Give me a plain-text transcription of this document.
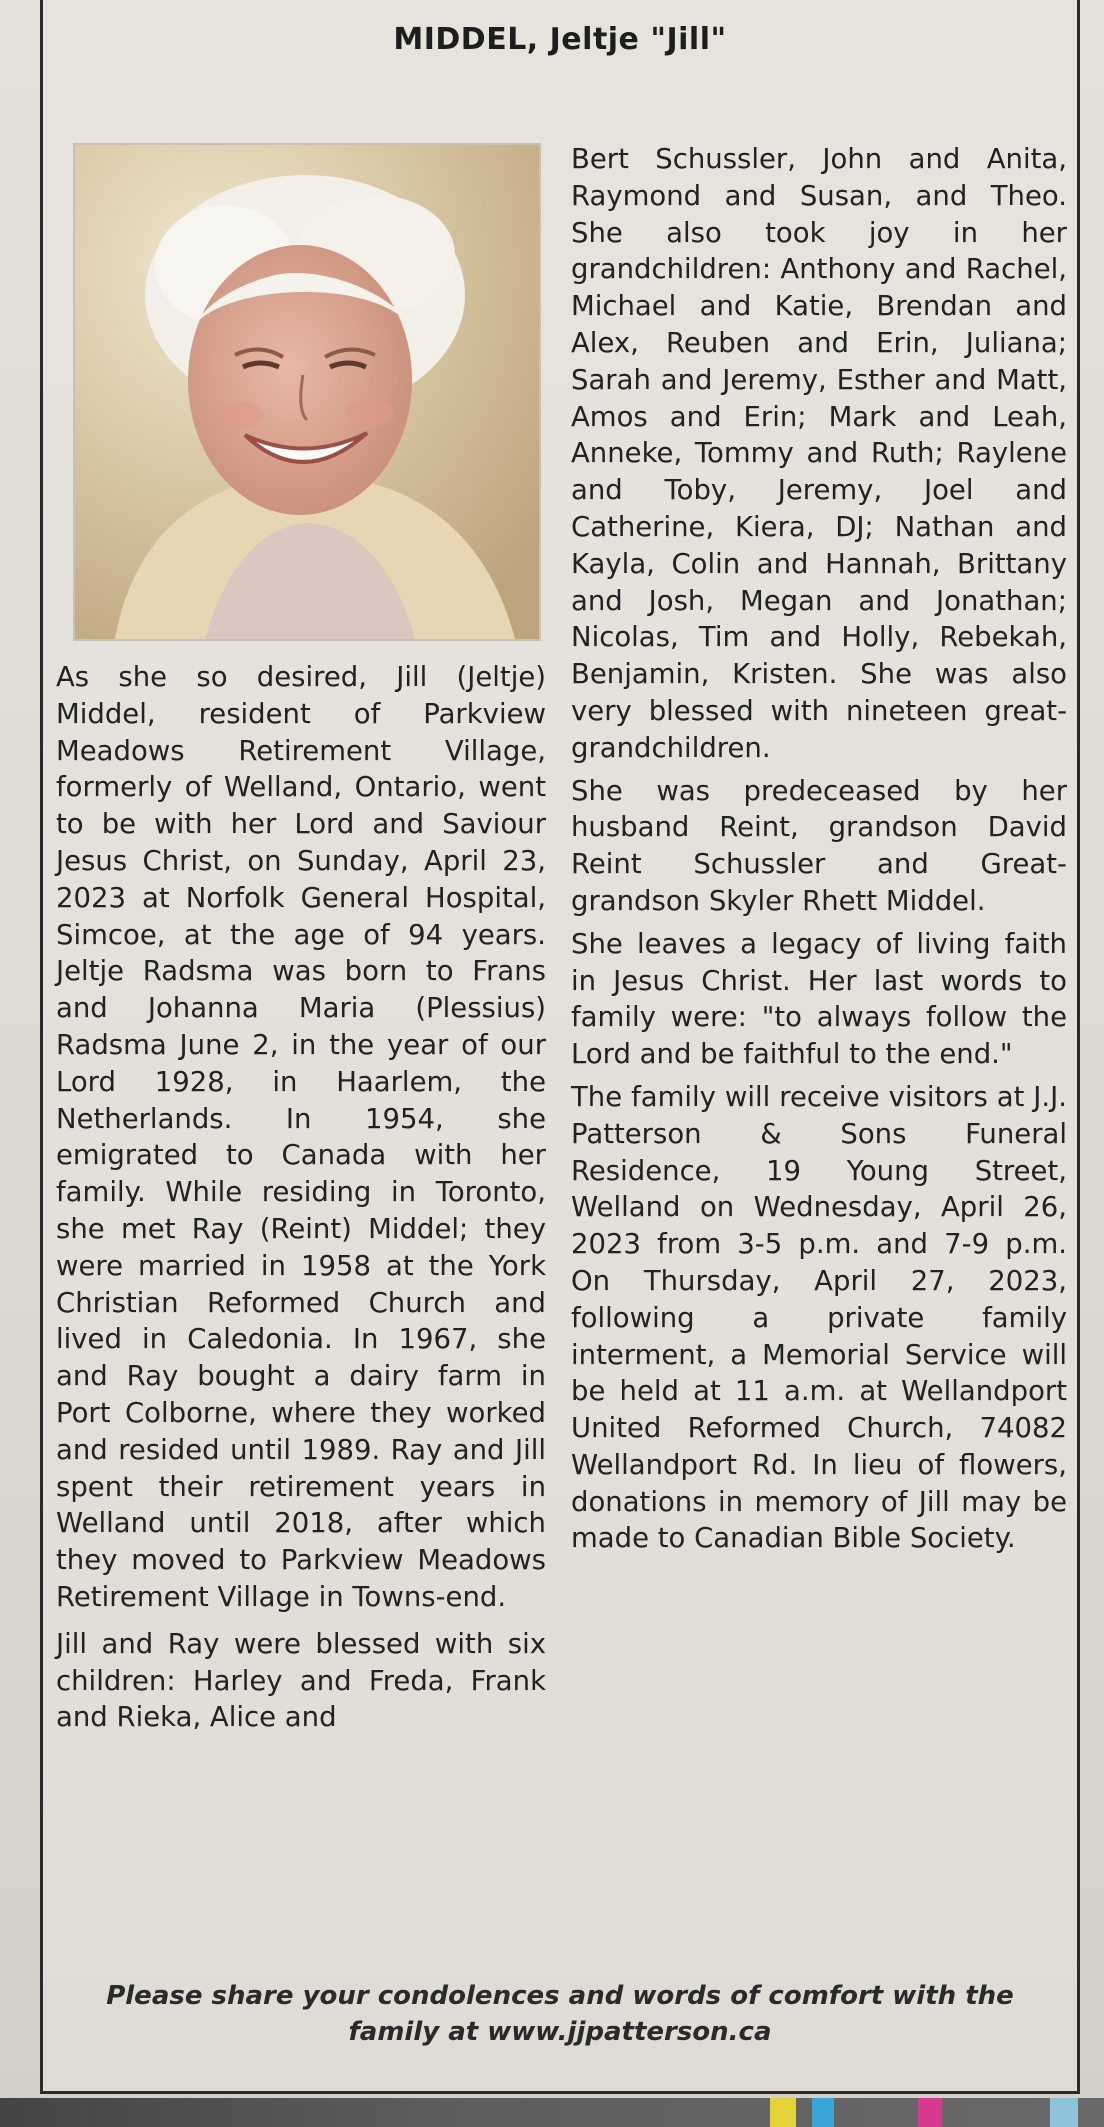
MIDDEL, Jeltje "Jill"

As she so desired, Jill (Jeltje) Middel, resident of Parkview Meadows Retirement Village, formerly of Welland, Ontario, went to be with her Lord and Saviour Jesus Christ, on Sunday, April 23, 2023 at Norfolk General Hospital, Simcoe, at the age of 94 years. Jeltje Radsma was born to Frans and Johanna Maria (Plessius) Radsma June 2, in the year of our Lord 1928, in Haarlem, the Netherlands. In 1954, she emigrated to Canada with her family. While residing in Toronto, she met Ray (Reint) Middel; they were married in 1958 at the York Christian Reformed Church and lived in Caledonia. In 1967, she and Ray bought a dairy farm in Port Colborne, where they worked and resided until 1989. Ray and Jill spent their retirement years in Welland until 2018, after which they moved to Parkview Meadows Retirement Village in Towns-end.

Jill and Ray were blessed with six children: Harley and Freda, Frank and Rieka, Alice and

Bert Schussler, John and Anita, Raymond and Susan, and Theo. She also took joy in her grandchildren: Anthony and Rachel, Michael and Katie, Brendan and Alex, Reuben and Erin, Juliana; Sarah and Jeremy, Esther and Matt, Amos and Erin; Mark and Leah, Anneke, Tommy and Ruth; Raylene and Toby, Jeremy, Joel and Catherine, Kiera, DJ; Nathan and Kayla, Colin and Hannah, Brittany and Josh, Megan and Jonathan; Nicolas, Tim and Holly, Rebekah, Benjamin, Kristen. She was also very blessed with nineteen great-grandchildren.

She was predeceased by her husband Reint, grandson David Reint Schussler and Great-grandson Skyler Rhett Middel.

She leaves a legacy of living faith in Jesus Christ. Her last words to family were: "to always follow the Lord and be faithful to the end."

The family will receive visitors at J.J. Patterson & Sons Funeral Residence, 19 Young Street, Welland on Wednesday, April 26, 2023 from 3-5 p.m. and 7-9 p.m. On Thursday, April 27, 2023, following a private family interment, a Memorial Service will be held at 11 a.m. at Wellandport United Reformed Church, 74082 Wellandport Rd. In lieu of flowers, donations in memory of Jill may be made to Canadian Bible Society.

Please share your condolences and words of comfort with the
family at www.jjpatterson.ca
